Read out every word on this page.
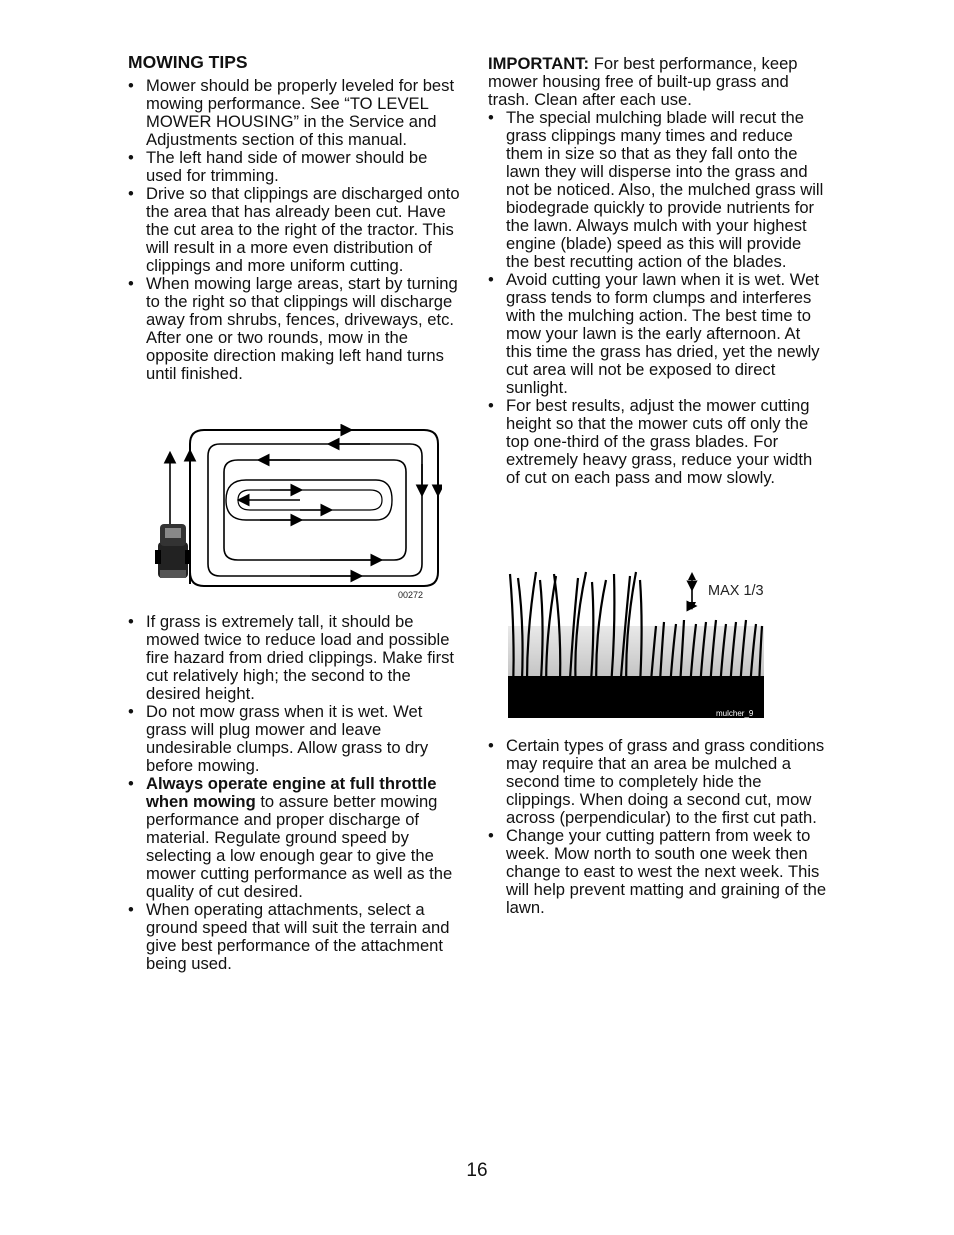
MOWING TIPS
• Mower should be properly leveled for best mowing performance. See “TO LEVEL MOWER HOUSING” in the Service and Adjustments section of this manual.
• The left hand side of mower should be used for trimming.
• Drive so that clippings are discharged onto the area that has already been cut. Have the cut area to the right of the tractor. This will result in a more even distribution of clippings and more uniform cutting.
• When mowing large areas, start by turning to the right so that clippings will discharge away from shrubs, fences, driveways, etc. After one or two rounds, mow in the opposite direction making left hand turns until finished.
00272
• If grass is extremely tall, it should be mowed twice to reduce load and possible fire hazard from dried clippings. Make first cut relatively high; the second to the desired height.
• Do not mow grass when it is wet. Wet grass will plug mower and leave undesirable clumps. Allow grass to dry before mowing.
• Always operate engine at full throttle when mowing to assure better mowing performance and proper discharge of material. Regulate ground speed by selecting a low enough gear to give the mower cutting performance as well as the quality of cut desired.
• When operating attachments, select a ground speed that will suit the terrain and give best performance of the attachment being used.

IMPORTANT: For best performance, keep mower housing free of built-up grass and trash. Clean after each use.

• The special mulching blade will recut the grass clippings many times and reduce them in size so that as they fall onto the lawn they will disperse into the grass and not be noticed. Also, the mulched grass will biodegrade quickly to provide nutrients for the lawn. Always mulch with your highest engine (blade) speed as this will provide the best recutting action of the blades.
• Avoid cutting your lawn when it is wet. Wet grass tends to form clumps and interferes with the mulching action. The best time to mow your lawn is the early afternoon. At this time the grass has dried, yet the newly cut area will not be exposed to direct sunlight.
• For best results, adjust the mower cutting height so that the mower cuts off only the top one-third of the grass blades. For extremely heavy grass, reduce your width of cut on each pass and mow slowly.
MAX 1/3
mulcher_9
• Certain types of grass and grass conditions may require that an area be mulched a second time to completely hide the clippings. When doing a second cut, mow across (perpendicular) to the first cut path.
• Change your cutting pattern from week to week. Mow north to south one week then change to east to west the next week. This will help prevent matting and graining of the lawn.
16
